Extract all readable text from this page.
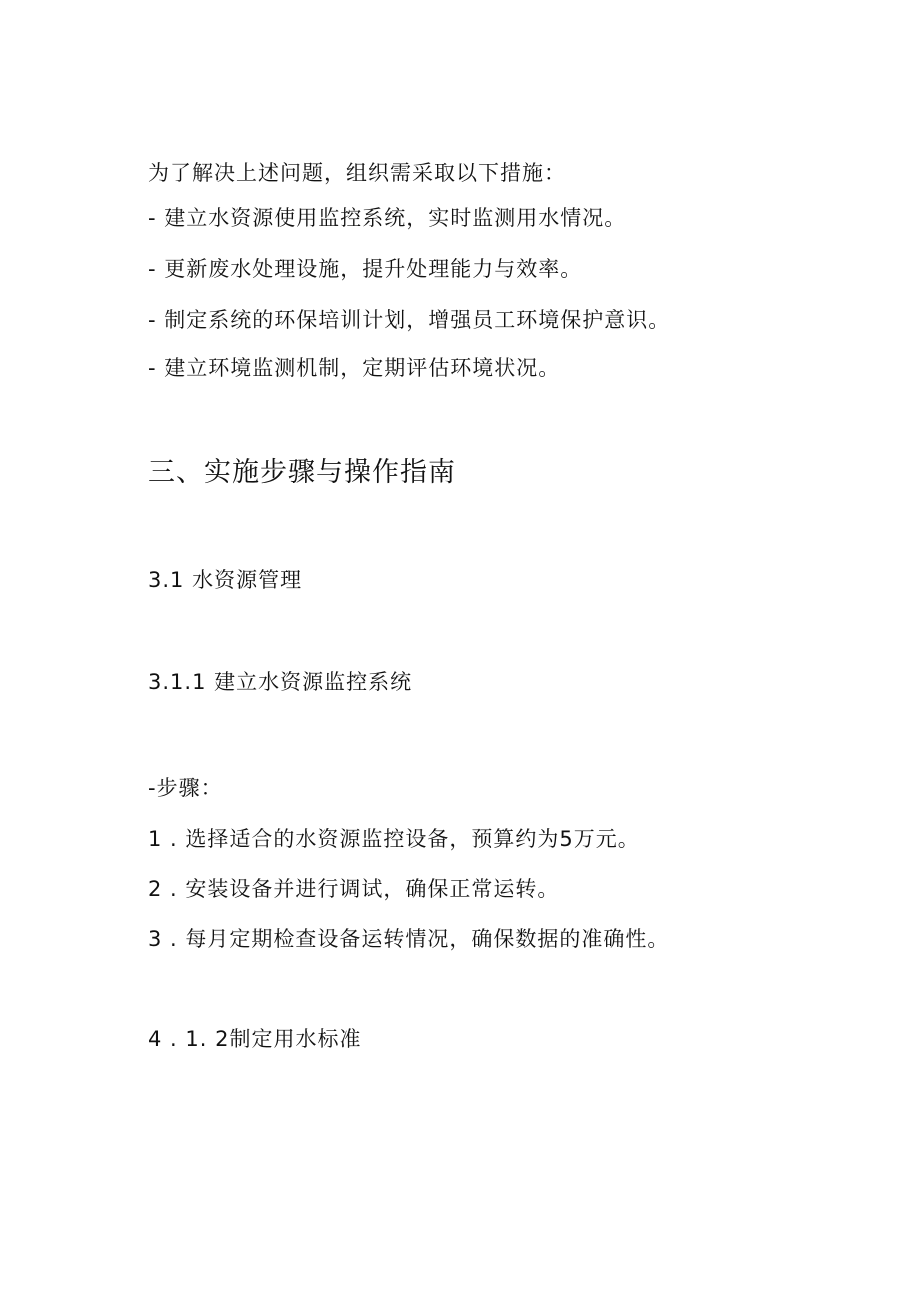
为了解决上述问题，组织需采取以下措施：
- 建立水资源使用监控系统，实时监测用水情况。
- 更新废水处理设施，提升处理能力与效率。
- 制定系统的环保培训计划，增强员工环境保护意识。
- 建立环境监测机制，定期评估环境状况。
三、实施步骤与操作指南
3.1 水资源管理
3.1.1 建立水资源监控系统
-步骤：
1 . 选择适合的水资源监控设备，预算约为5万元。
2 . 安装设备并进行调试，确保正常运转。
3 . 每月定期检查设备运转情况，确保数据的准确性。
4 . 1. 2制定用水标准
